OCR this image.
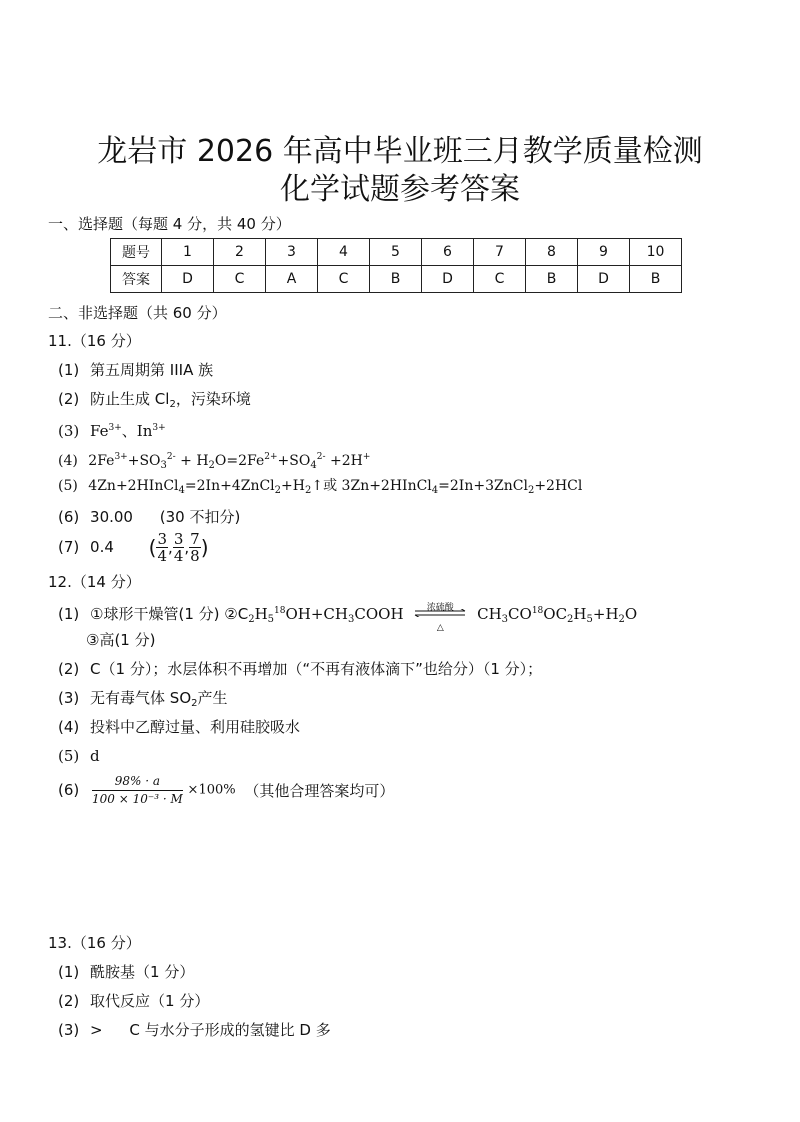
龙岩市 2026 年高中毕业班三月教学质量检测
化学试题参考答案
一、选择题（每题 4 分，共 40 分）
题号	1	2	3	4	5	6	7	8	9	10
答案	D	C	A	C	B	D	C	B	D	B
二、非选择题（共 60 分）
11.（16 分）
(1) 第五周期第 IIIA 族
(2) 防止生成 $Cl_2$，污染环境
(3) $Fe^{3+}$、$In^{3+}$
(4) $2Fe^{3+}+SO_3^{2-} + H_2O=2Fe^{2+}+SO_4^{2-} +2H^+$
(5) $4Zn+2HInCl_4=2In+4ZnCl_2+H_2↑$或 3Zn+2HInCl$_4$=2In+3ZnCl$_2$+2HCl
(6) 30.00 (30 不扣分)
(7) 0.4 ( $\frac{3}{4}$ , $\frac{3}{4}$ , $\frac{7}{8}$ )
12.（14 分）
(1) ①球形干燥管(1 分) $②C_2H_5^{18}OH+CH_3COOH$	浓硫酸
△
$CH_3CO^{18}OC_2H_5+H_2O$
③高(1 分)
(2) C（1 分）；水层体积不再增加（“不再有液体滴下”也给分）（1 分）；
(3) 无有毒气体 $SO_2$产生
(4) 投料中乙醇过量、利用硅胶吸水
(5) d
$(6) \frac{98\% \cdot a}{\text{100 × 10⁻³ · M}} \times 100\%$ （其他合理答案均可）
13.（16 分）
(1) 酰胺基（1 分）
(2) 取代反应（1 分）
(3) > C 与水分子形成的氢键比 D 多
